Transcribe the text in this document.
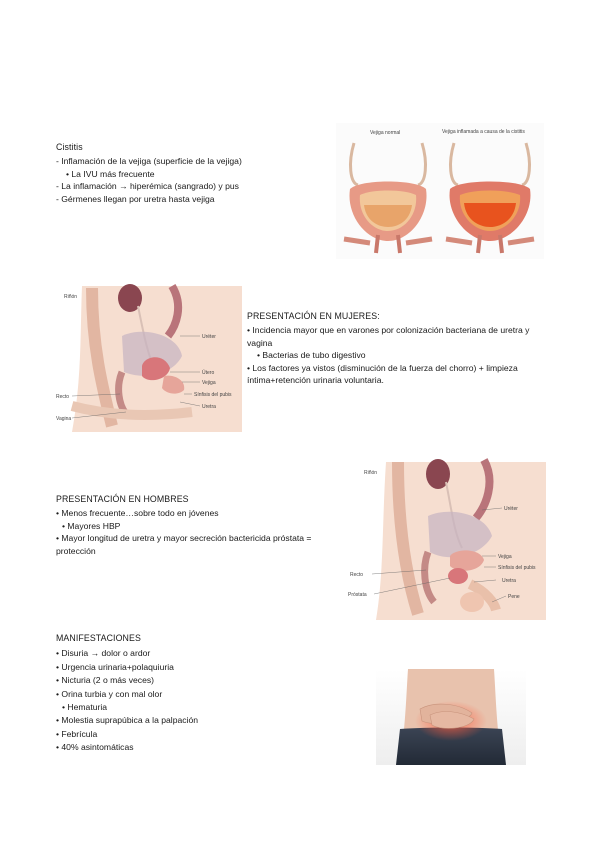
Cistitis

- Inflamación de la vejiga (superficie de la vejiga)

• La IVU más frecuente

- La inflamación → hiperémica (sangrado) y pus

- Gérmenes llegan por uretra hasta vejiga

Vejiga normal	Vejiga inflamada a causa de la cistitis
Riñón
Uréter
Útero
Vejiga
Sínfisis del pubis
Uretra
Recto
Vagina
PRESENTACIÓN EN MUJERES:

• Incidencia mayor que en varones por colonización bacteriana de uretra y vagina

• Bacterias de tubo digestivo

• Los factores ya vistos (disminución de la fuerza del chorro) + limpieza íntima+retención urinaria voluntaria.

Riñón
Uréter
Vejiga
Sínfisis del pubis
Uretra
Recto
Próstata	Pene
PRESENTACIÓN EN HOMBRES

• Menos frecuente…sobre todo en jóvenes

• Mayores HBP

• Mayor longitud de uretra y mayor secreción bactericida próstata = protección

MANIFESTACIONES

• Disuria → dolor o ardor

• Urgencia urinaria+polaquiuria

• Nicturia (2 o más veces)

• Orina turbia y con mal olor

• Hematuria

• Molestia suprapúbica a la palpación

• Febrícula

• 40% asintomáticas
